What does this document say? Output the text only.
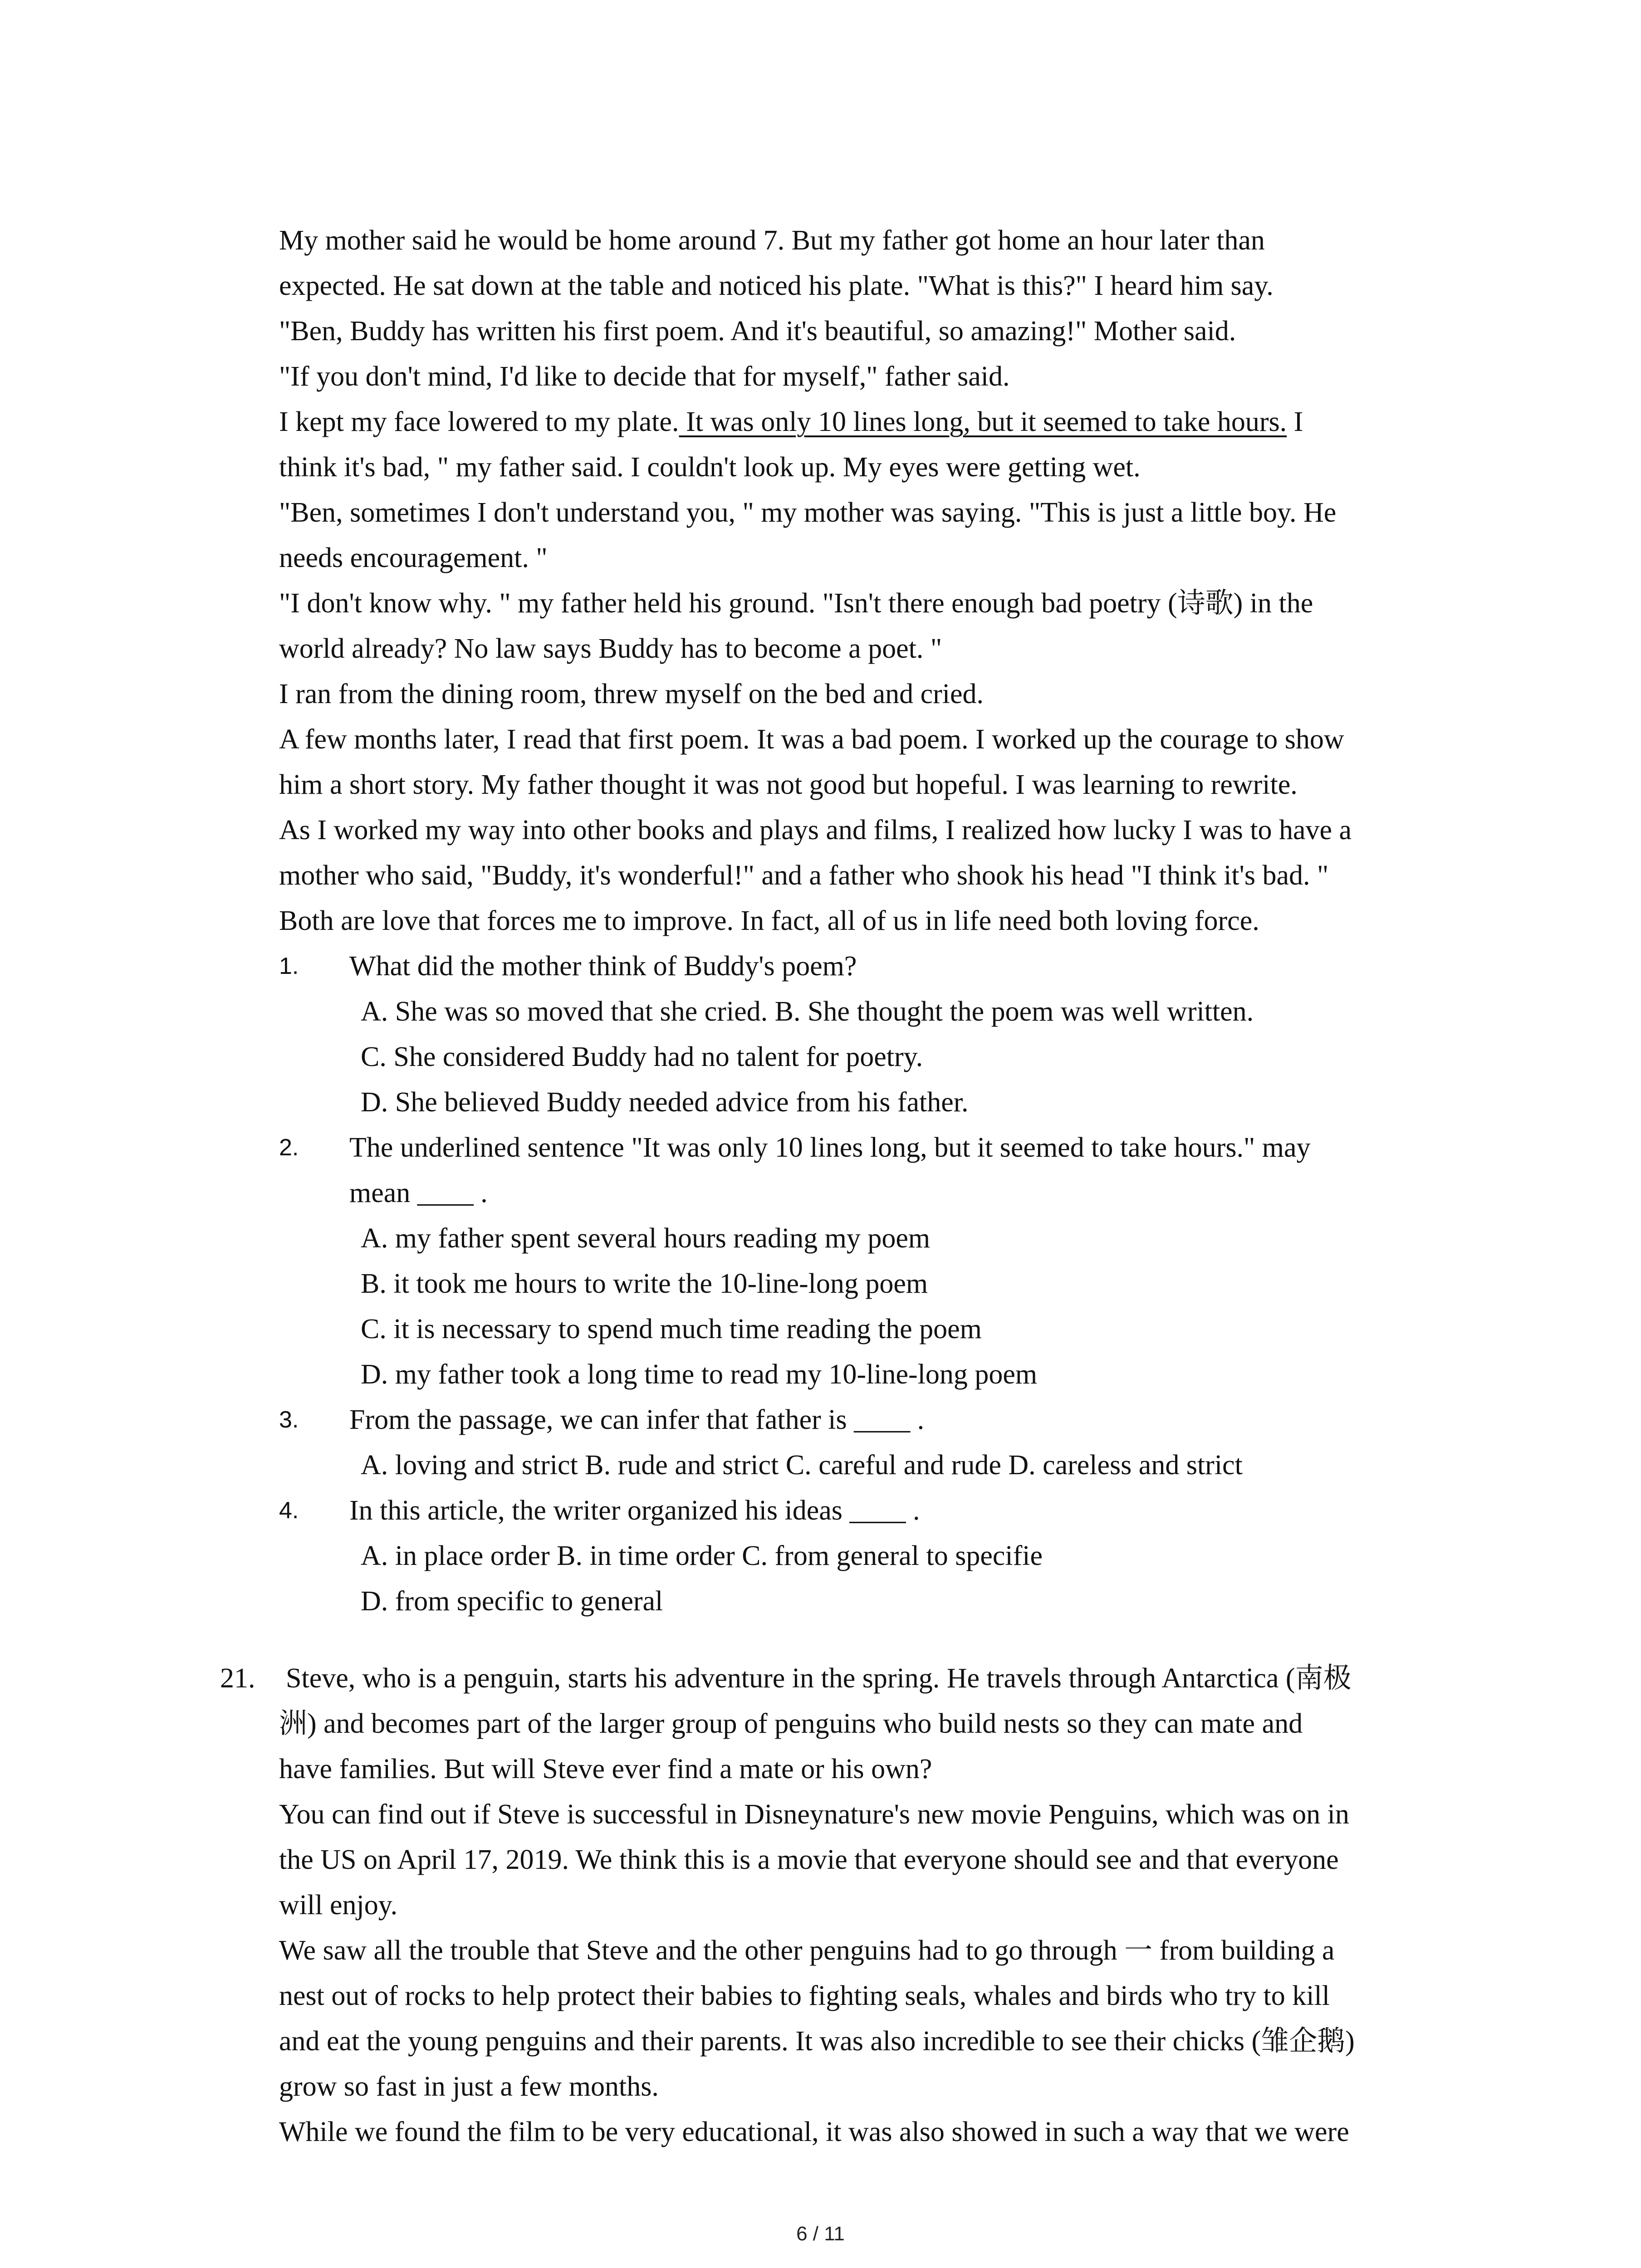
My mother said he would be home around 7. But my father got home an hour later than
expected. He sat down at the table and noticed his plate. "What is this?" I heard him say.
"Ben, Buddy has written his first poem. And it's beautiful, so amazing!" Mother said.
"If you don't mind, I'd like to decide that for myself," father said.
I kept my face lowered to my plate. It was only 10 lines long, but it seemed to take hours. I
think it's bad, " my father said. I couldn't look up. My eyes were getting wet.
"Ben, sometimes I don't understand you, " my mother was saying. "This is just a little boy. He
needs encouragement. "
"I don't know why. " my father held his ground. "Isn't there enough bad poetry (诗歌) in the
world already? No law says Buddy has to become a poet. "
I ran from the dining room, threw myself on the bed and cried.
A few months later, I read that first poem. It was a bad poem. I worked up the courage to show
him a short story. My father thought it was not good but hopeful. I was learning to rewrite.
As I worked my way into other books and plays and films, I realized how lucky I was to have a
mother who said, "Buddy, it's wonderful!" and a father who shook his head "I think it's bad. "
Both are love that forces me to improve. In fact, all of us in life need both loving force.
1. What did the mother think of Buddy's poem?
A. She was so moved that she cried. B. She thought the poem was well written.
C. She considered Buddy had no talent for poetry.
D. She believed Buddy needed advice from his father.
2. The underlined sentence "It was only 10 lines long, but it seemed to take hours." may
mean ____ .
A. my father spent several hours reading my poem
B. it took me hours to write the 10-line-long poem
C. it is necessary to spend much time reading the poem
D. my father took a long time to read my 10-line-long poem
3. From the passage, we can infer that father is ____ .
A. loving and strict B. rude and strict C. careful and rude D. careless and strict
4. In this article, the writer organized his ideas ____ .
A. in place order B. in time order C. from general to specifie
D. from specific to general
21. Steve, who is a penguin, starts his adventure in the spring. He travels through Antarctica (南极
洲) and becomes part of the larger group of penguins who build nests so they can mate and
have families. But will Steve ever find a mate or his own?
You can find out if Steve is successful in Disneynature's new movie Penguins, which was on in
the US on April 17, 2019. We think this is a movie that everyone should see and that everyone
will enjoy.
We saw all the trouble that Steve and the other penguins had to go through 一 from building a
nest out of rocks to help protect their babies to fighting seals, whales and birds who try to kill
and eat the young penguins and their parents. It was also incredible to see their chicks (雏企鹅)
grow so fast in just a few months.
While we found the film to be very educational, it was also showed in such a way that we were
6 / 11
